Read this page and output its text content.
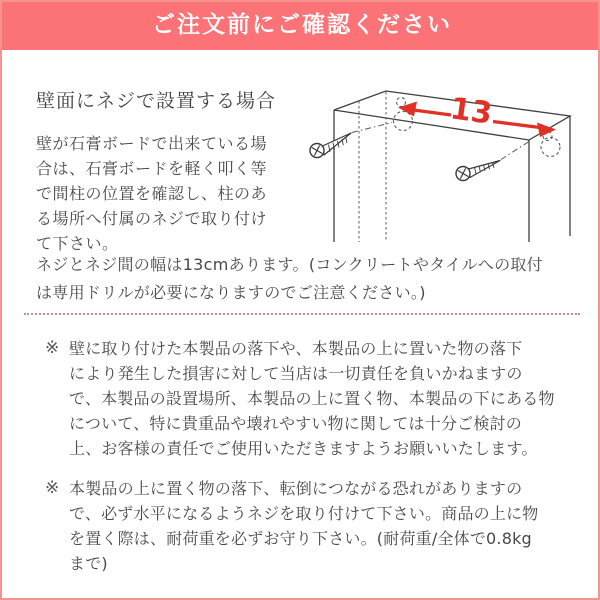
ご注文前にご確認ください
壁面にネジで設置する場合
壁が石膏ボードで出来ている場
合は、石膏ボードを軽く叩く等
で間柱の位置を確認し、柱のあ
る場所へ付属のネジで取り付け
て下さい。
13
ネジとネジ間の幅は13cmあります。(コンクリートやタイルへの取付
は専用ドリルが必要になりますのでご注意ください。)
※ 壁に取り付けた本製品の落下や、本製品の上に置いた物の落下
により発生した損害に対して当店は一切責任を負いかねますの
で、本製品の設置場所、本製品の上に置く物、本製品の下にある物
について、特に貴重品や壊れやすい物に関しては十分ご検討の
上、お客様の責任でご使用いただきますようお願いいたします。
※ 本製品の上に置く物の落下、転倒につながる恐れがありますの
で、必ず水平になるようネジを取り付けて下さい。商品の上に物
を置く際は、耐荷重を必ずお守り下さい。(耐荷重/全体で0.8kg
まで)
